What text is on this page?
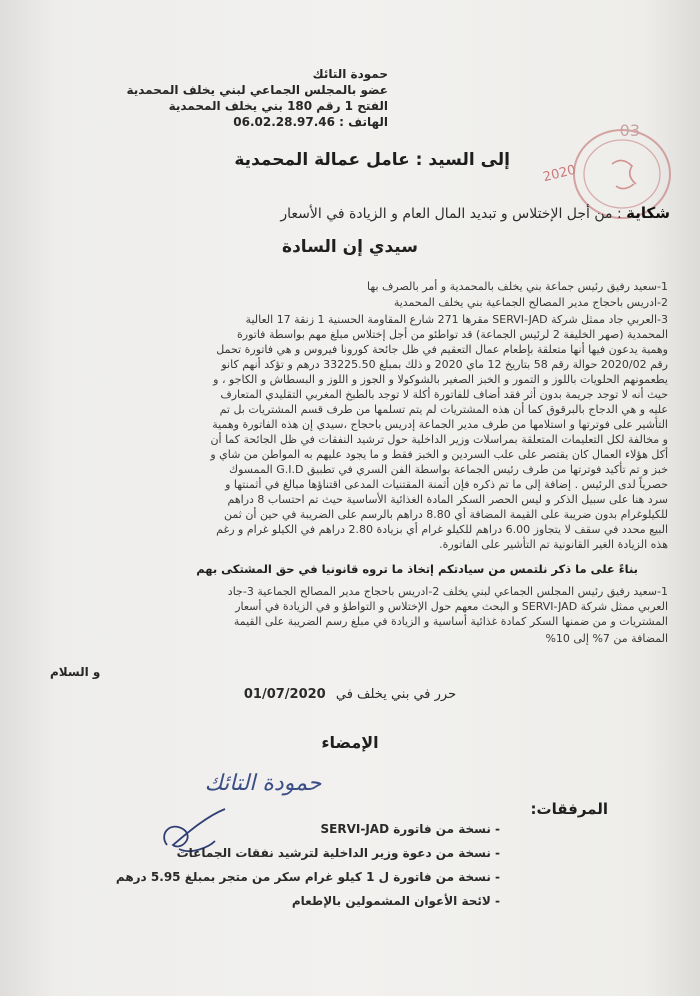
حمودة التائك
عضو بالمجلس الجماعي لبني يخلف المحمدية
الفتح 1 رقم 180 بني يخلف المحمدية
الهاتف : 06.02.28.97.46
2020
03
إلى السيد : عامل عمالة المحمدية
شكاية : من أجل الإختلاس و تبديد المال العام و الزيادة في الأسعار
سيدي إن السادة
1-سعيد رفيق رئيس جماعة بني يخلف بالمحمدية و أمر بالصرف بها
2-ادريس باحجاج مدير المصالح الجماعية بني يخلف المحمدية
3-العربي جاد ممثل شركة SERVI-JAD مقرها 271 شارع المقاومة الحسنية 1 زنقة 17 العالية
المحمدية (صهر الخليفة 2 لرئيس الجماعة) قد تواطئو من أجل إختلاس مبلغ مهم بواسطة فاتورة
وهمية يدعون فيها أنها متعلقة بإطعام عمال التعقيم في ظل جائحة كورونا فيروس و هي فاتورة تحمل
رقم 2020/02 حوالة رقم 58 بتاريخ 12 ماي 2020 و ذلك بمبلغ 33225.50 درهم و تؤكد أنهم كانو
يطعمونهم الحلويات باللوز و التمور و الخبز الصغير بالشوكولا و الجوز و اللوز و البسطاش و الكاجو ، و
حيث أنه لا توجد جريمة بدون أثر فقد أضاف للفاتورة أكلة لا توجد بالطبخ المغربي التقليدي المتعارف
عليه و هي الدجاج بالبرقوق كما أن هذه المشتريات لم يتم تسلمها من طرف قسم المشتريات بل تم
التأشير على فوترتها و استلامها من طرف مدير الجماعة إدريس باحجاج ،سيدي إن هذه الفاتورة وهمية
و مخالفة لكل التعليمات المتعلقة بمراسلات وزير الداخلية حول ترشيد النفقات في ظل الجائحة كما أن
أكل هؤلاء العمال كان يقتصر على علب السردين و الخبز فقط و ما يجود عليهم به المواطن من شاي و
خبز و تم تأكيد فوترتها من طرف رئيس الجماعة بواسطة الفن السري في تطبيق G.I.D الممسوك
حصرياً لدى الرئيس . إضافة إلى ما تم ذكره فإن أثمنة المقتنيات المدعى اقتناؤها مبالغ في أثمنتها و
سرد هنا على سبيل الذكر و ليس الحصر السكر المادة الغذائية الأساسية حيث تم احتساب 8 دراهم
للكيلوغرام بدون ضريبة على القيمة المضافة أي 8.80 دراهم بالرسم على الضريبة في حين أن ثمن
البيع محدد في سقف لا يتجاوز 6.00 دراهم للكيلو غرام أي بزيادة 2.80 دراهم في الكيلو غرام و رغم
هذه الزيادة الغير القانونية تم التأشير على الفاتورة.
بناءً على ما ذكر نلتمس من سيادتكم إتخاذ ما تروه قانونيا في حق المشتكى بهم
1-سعيد رفيق رئيس المجلس الجماعي لبني يخلف 2-ادريس باحجاج مدير المصالح الجماعية 3-جاد
العربي ممثل شركة SERVI-JAD و البحث معهم حول الإختلاس و التواطؤ و في الزيادة في أسعار
المشتريات و من ضمنها السكر كمادة غذائية أساسية و الزيادة في مبلغ رسم الضريبة على القيمة
المضافة من 7% إلى 10%
و السلام
حرر في بني يخلف في 01/07/2020
الإمضاء
حمودة التائك
المرفقات:
- نسخة من فاتورة SERVI-JAD
- نسخة من دعوة وزير الداخلية لترشيد نفقات الجماعات
- نسخة من فاتورة ل 1 كيلو غرام سكر من متجر بمبلغ 5.95 درهم
- لائحة الأعوان المشمولين بالإطعام
